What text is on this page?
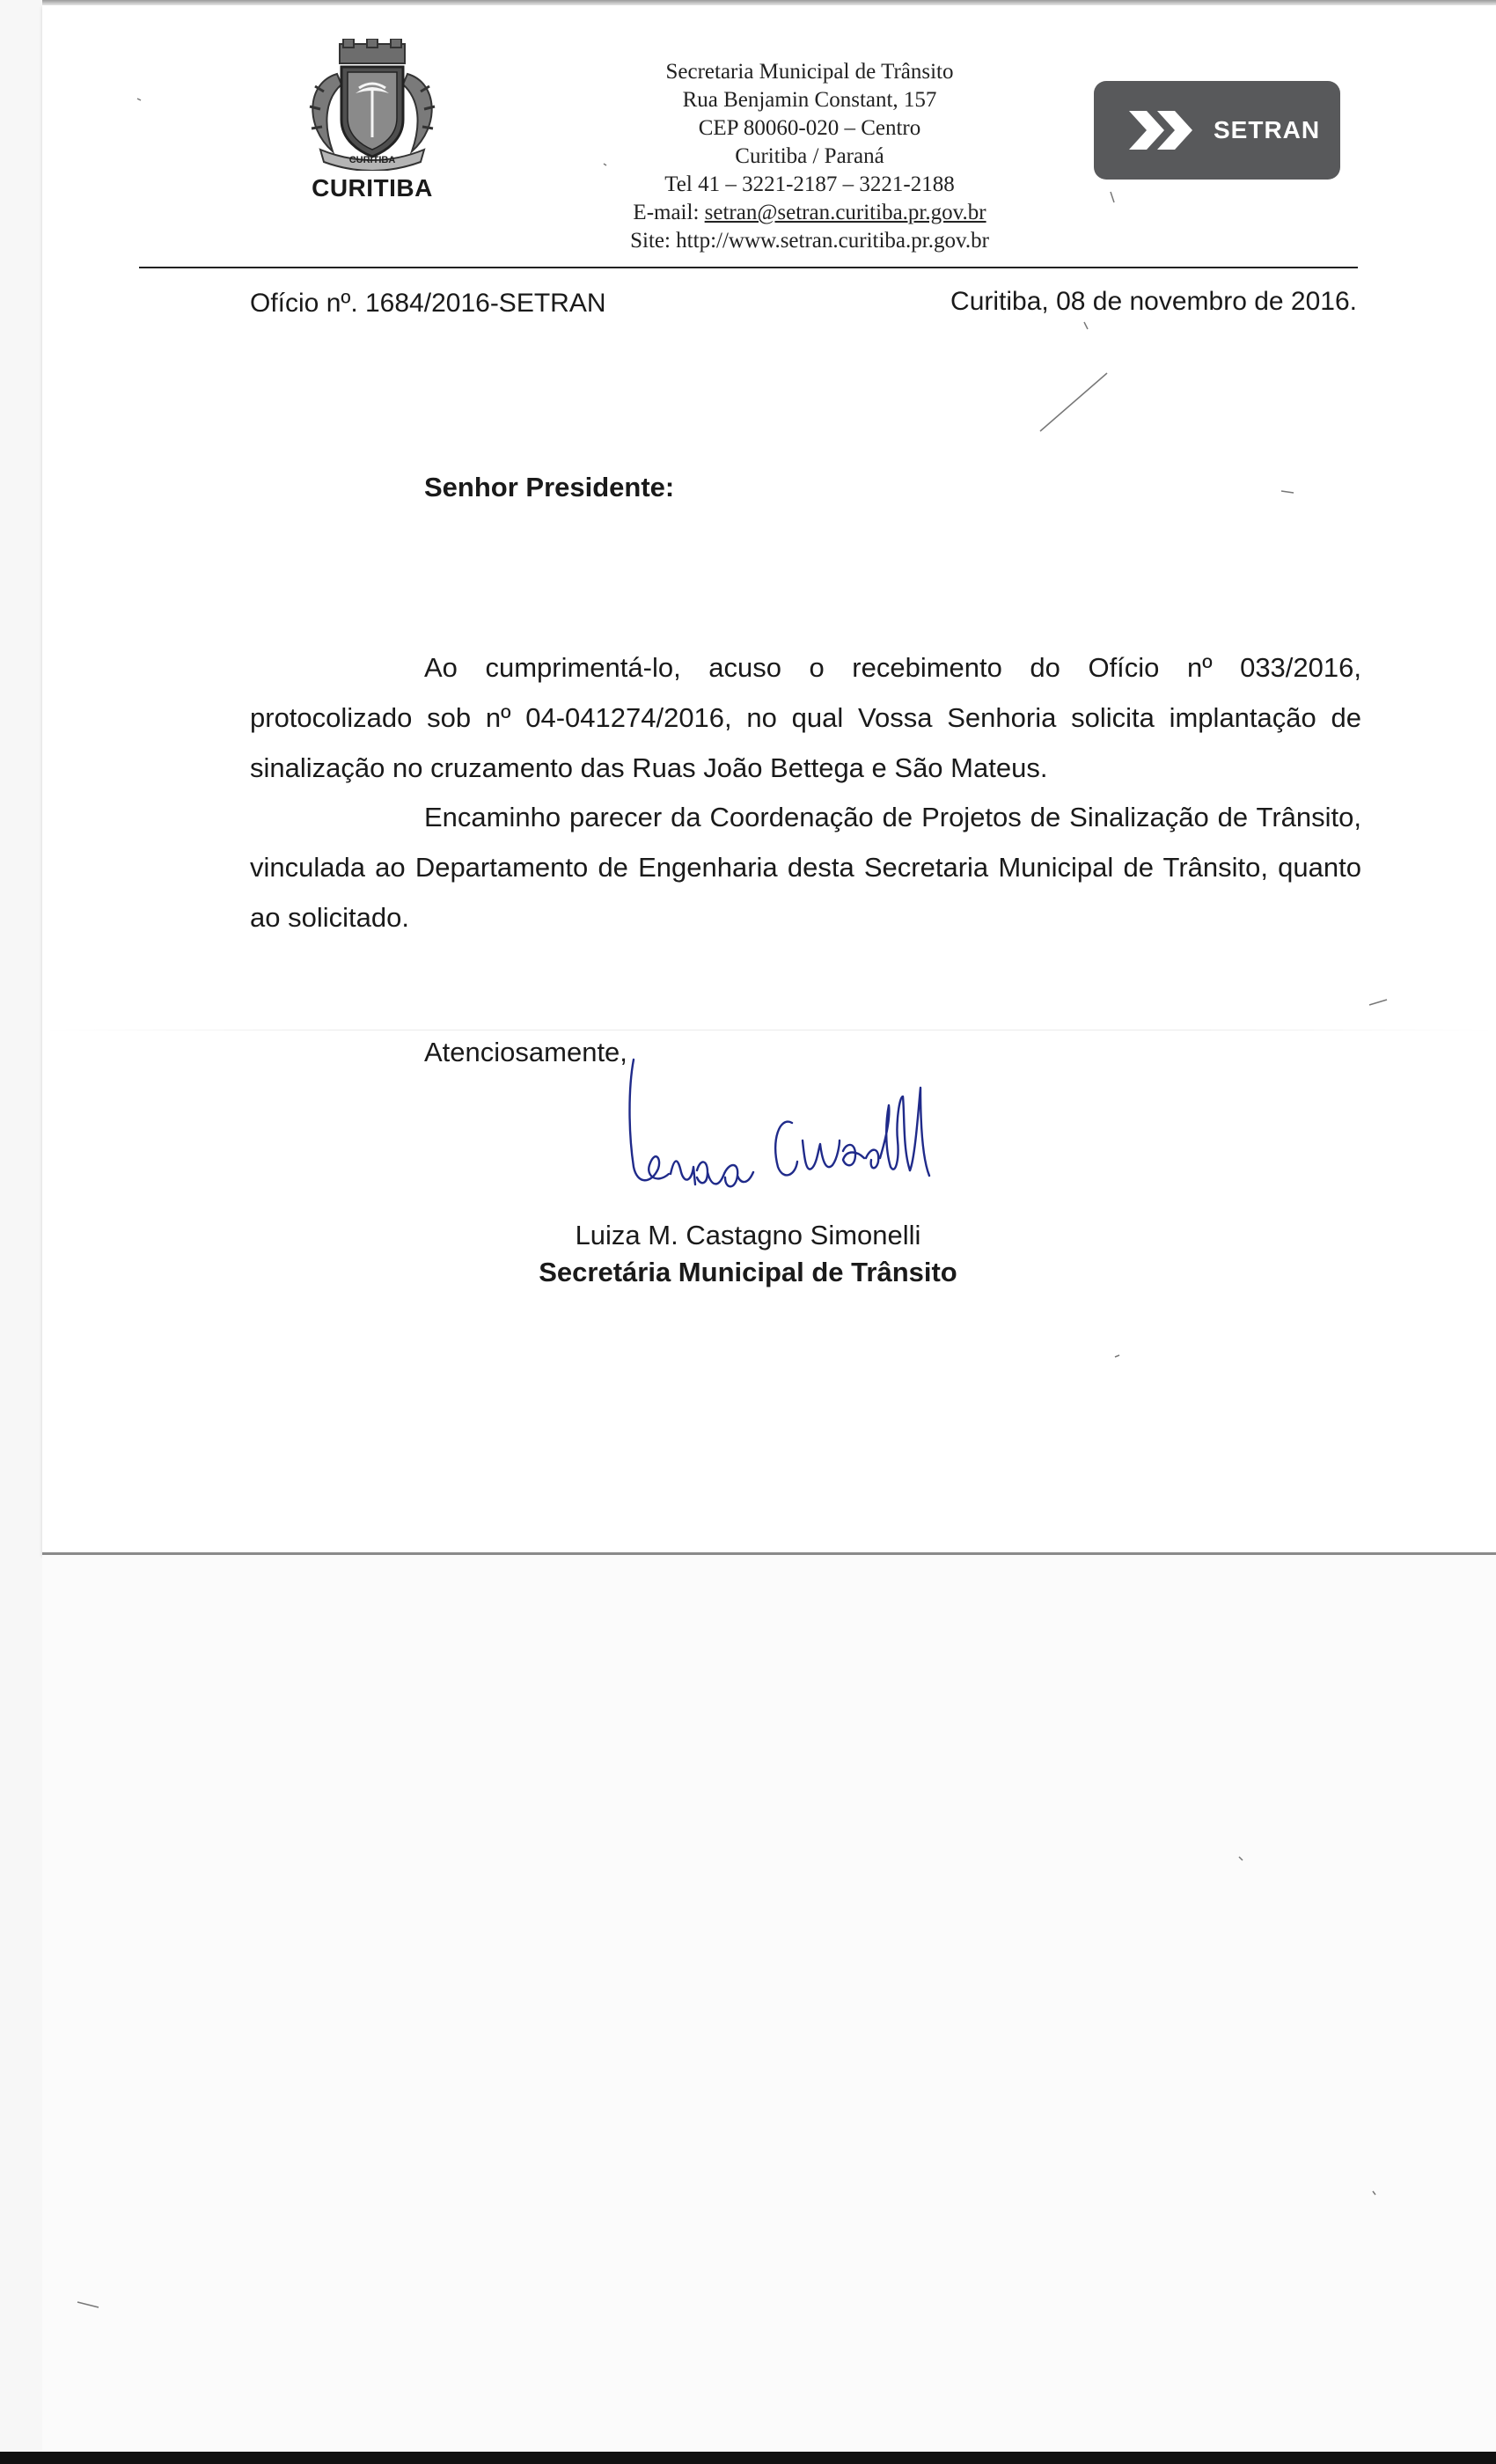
CURITIBA
CURITIBA
Secretaria Municipal de Trânsito
Rua Benjamin Constant, 157
CEP 80060-020 – Centro
Curitiba / Paraná
Tel 41 – 3221-2187 – 3221-2188
E-mail: setran@setran.curitiba.pr.gov.br
Site: http://www.setran.curitiba.pr.gov.br
SETRAN
Ofício nº. 1684/2016-SETRAN	Curitiba, 08 de novembro de 2016.
Senhor Presidente:
Ao cumprimentá-lo, acuso o recebimento do Ofício nº 033/2016, protocolizado sob nº 04-041274/2016, no qual Vossa Senhoria solicita implantação de sinalização no cruzamento das Ruas João Bettega e São Mateus.
Encaminho parecer da Coordenação de Projetos de Sinalização de Trânsito, vinculada ao Departamento de Engenharia desta Secretaria Municipal de Trânsito, quanto ao solicitado.
Atenciosamente,
Luiza M. Castagno Simonelli
Secretária Municipal de Trânsito
